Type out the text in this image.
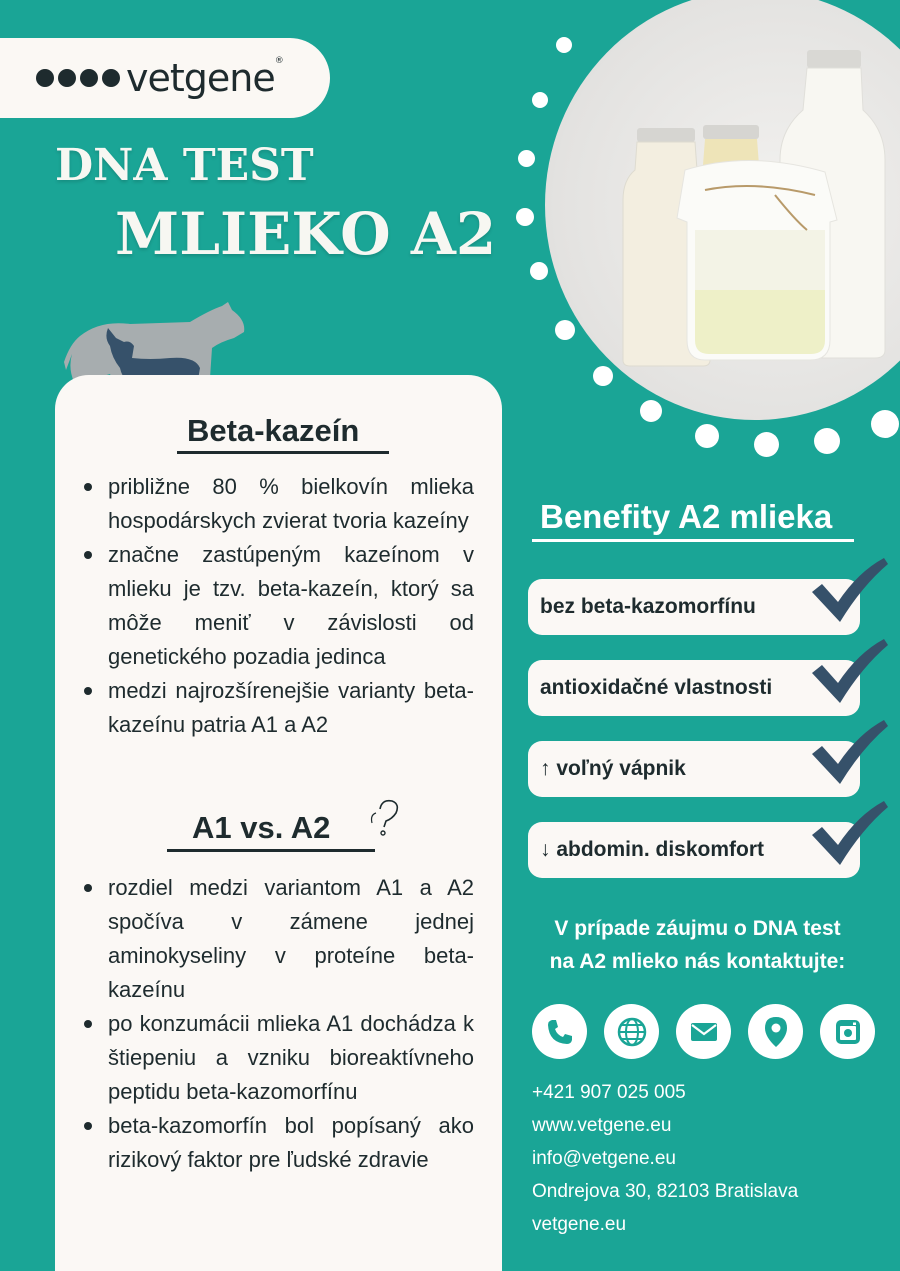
vetgene®
DNA TEST
MLIEKO A2
Beta-kazeín
približne 80 % bielkovín mlieka hospodárskych zvierat tvoria kazeíny
značne zastúpeným kazeínom v mlieku je tzv. beta-kazeín, ktorý sa môže meniť v závislosti od genetického pozadia jedinca
medzi najrozšírenejšie varianty beta-kazeínu patria A1 a A2
A1 vs. A2
rozdiel medzi variantom A1 a A2 spočíva v zámene jednej aminokyseliny v proteíne beta-kazeínu
po konzumácii mlieka A1 dochádza k štiepeniu a vzniku bioreaktívneho peptidu beta-kazomorfínu
beta-kazomorfín bol popísaný ako rizikový faktor pre ľudské zdravie
Benefity A2 mlieka
bez beta-kazomorfínu
antioxidačné vlastnosti
↑ voľný vápnik
↓ abdomin. diskomfort
V prípade záujmu o DNA test
na A2 mlieko nás kontaktujte:
+421 907 025 005
www.vetgene.eu
info@vetgene.eu
Ondrejova 30, 82103 Bratislava
vetgene.eu
